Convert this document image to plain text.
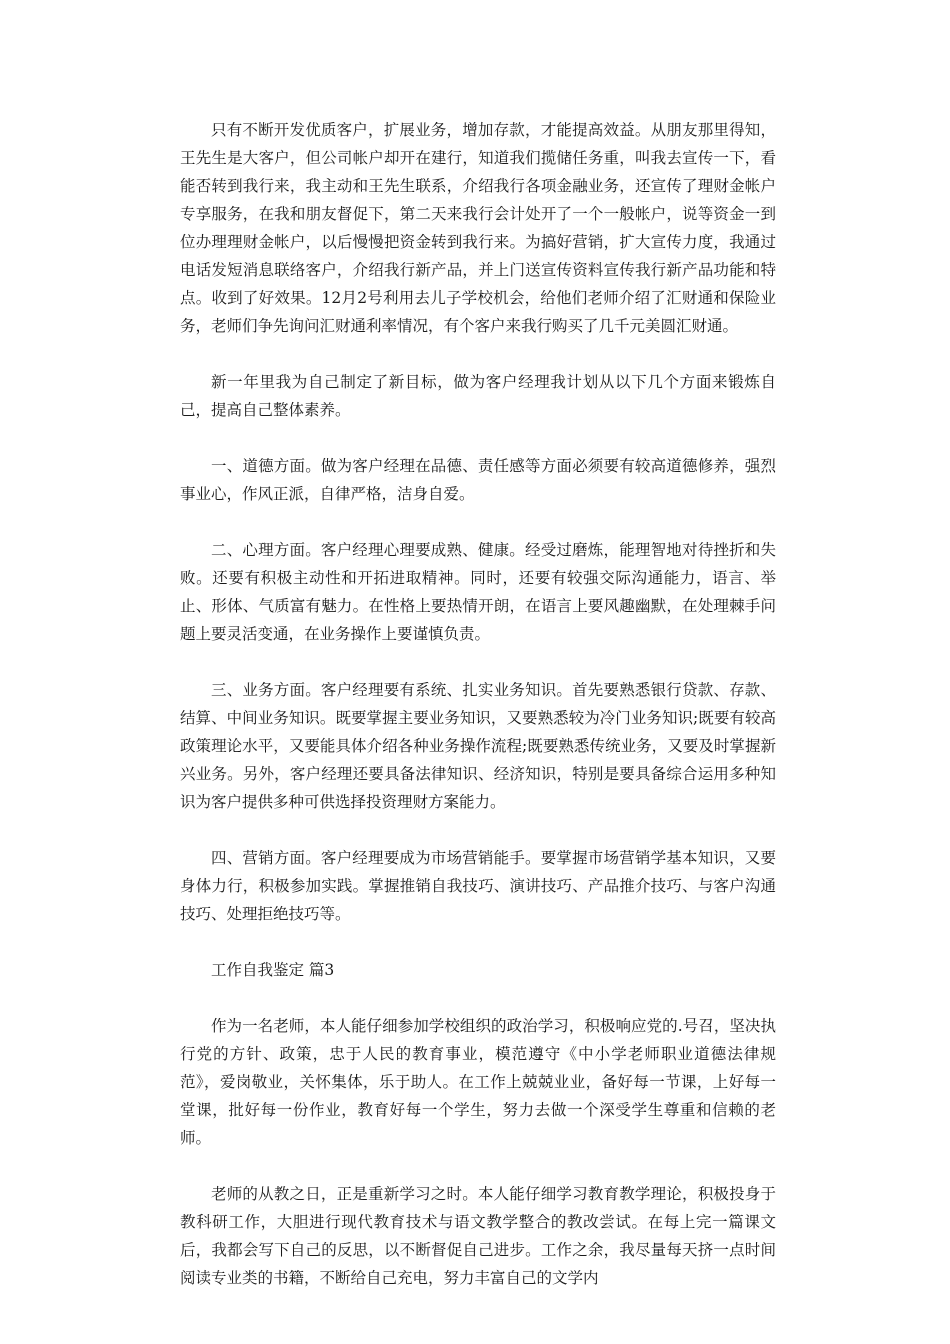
只有不断开发优质客户，扩展业务，增加存款，才能提高效益。从朋友那里得知，王先生是大客户，但公司帐户却开在建行，知道我们揽储任务重，叫我去宣传一下，看能否转到我行来，我主动和王先生联系，介绍我行各项金融业务，还宣传了理财金帐户专享服务，在我和朋友督促下，第二天来我行会计处开了一个一般帐户，说等资金一到位办理理财金帐户，以后慢慢把资金转到我行来。为搞好营销，扩大宣传力度，我通过电话发短消息联络客户，介绍我行新产品，并上门送宣传资料宣传我行新产品功能和特点。收到了好效果。12月2号利用去儿子学校机会，给他们老师介绍了汇财通和保险业务，老师们争先询问汇财通利率情况，有个客户来我行购买了几千元美圆汇财通。

新一年里我为自己制定了新目标，做为客户经理我计划从以下几个方面来锻炼自己，提高自己整体素养。

一、道德方面。做为客户经理在品德、责任感等方面必须要有较高道德修养，强烈事业心，作风正派，自律严格，洁身自爱。

二、心理方面。客户经理心理要成熟、健康。经受过磨炼，能理智地对待挫折和失败。还要有积极主动性和开拓进取精神。同时，还要有较强交际沟通能力，语言、举止、形体、气质富有魅力。在性格上要热情开朗，在语言上要风趣幽默，在处理棘手问题上要灵活变通，在业务操作上要谨慎负责。

三、业务方面。客户经理要有系统、扎实业务知识。首先要熟悉银行贷款、存款、结算、中间业务知识。既要掌握主要业务知识，又要熟悉较为冷门业务知识;既要有较高政策理论水平，又要能具体介绍各种业务操作流程;既要熟悉传统业务，又要及时掌握新兴业务。另外，客户经理还要具备法律知识、经济知识，特别是要具备综合运用多种知识为客户提供多种可供选择投资理财方案能力。

四、营销方面。客户经理要成为市场营销能手。要掌握市场营销学基本知识，又要身体力行，积极参加实践。掌握推销自我技巧、演讲技巧、产品推介技巧、与客户沟通技巧、处理拒绝技巧等。

工作自我鉴定 篇3

作为一名老师，本人能仔细参加学校组织的政治学习，积极响应党的.号召，坚决执行党的方针、政策，忠于人民的教育事业，模范遵守《中小学老师职业道德法律规范》，爱岗敬业，关怀集体，乐于助人。在工作上兢兢业业，备好每一节课，上好每一堂课，批好每一份作业，教育好每一个学生，努力去做一个深受学生尊重和信赖的老师。

老师的从教之日，正是重新学习之时。本人能仔细学习教育教学理论，积极投身于教科研工作，大胆进行现代教育技术与语文教学整合的教改尝试。在每上完一篇课文后，我都会写下自己的反思，以不断督促自己进步。工作之余，我尽量每天挤一点时间阅读专业类的书籍，不断给自己充电，努力丰富自己的文学内
